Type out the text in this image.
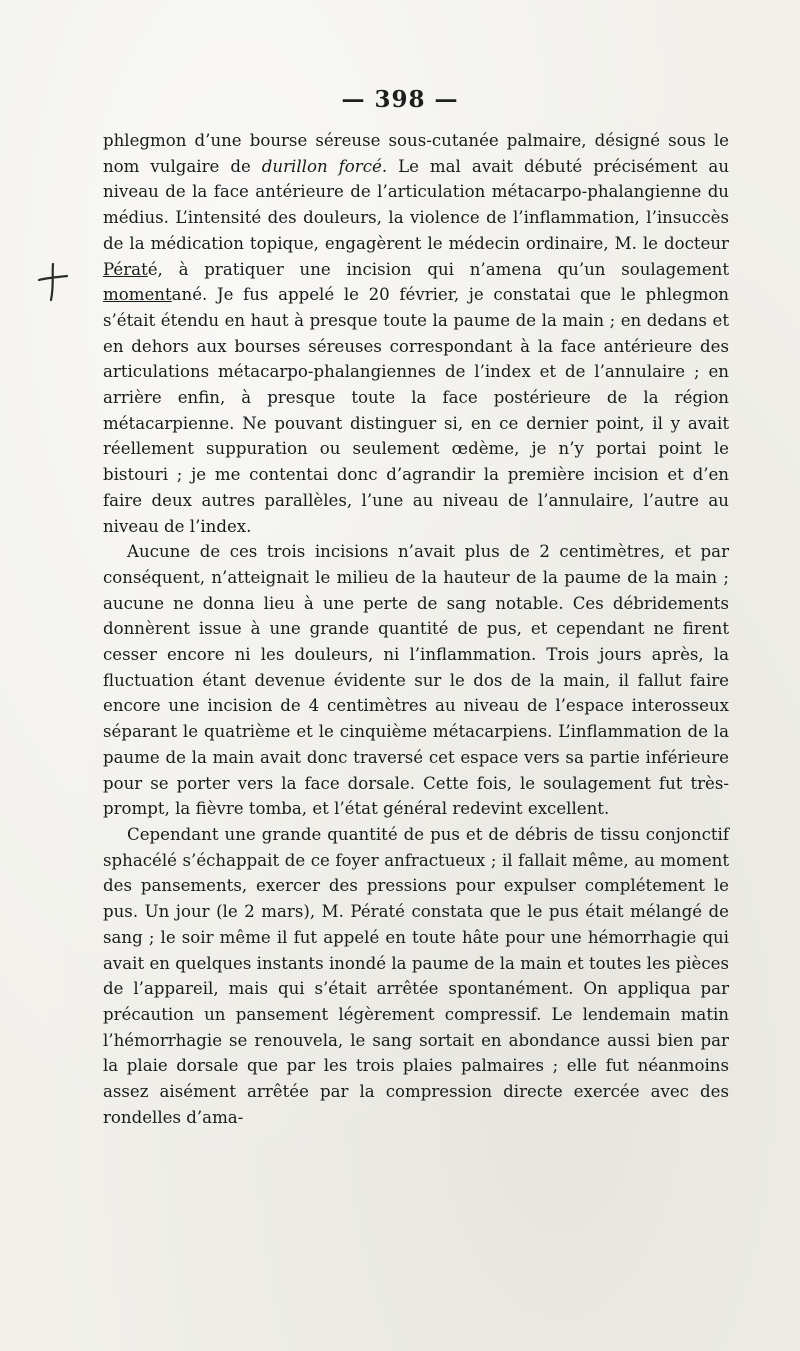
— 398 —

phlegmon d’une bourse séreuse sous-cutanée palmaire, désigné sous le nom vulgaire de durillon forcé. Le mal avait débuté précisément au niveau de la face antérieure de l’articulation métacarpo-phalangienne du médius. L’intensité des douleurs, la violence de l’inflammation, l’insuccès de la médication topique, engagèrent le médecin ordinaire, M. le docteur Pératé, à pratiquer une incision qui n’amena qu’un soulagement momentané. Je fus appelé le 20 février, je constatai que le phlegmon s’était étendu en haut à presque toute la paume de la main ; en dedans et en dehors aux bourses séreuses correspondant à la face antérieure des articulations métacarpo-phalangiennes de l’index et de l’annulaire ; en arrière enfin, à presque toute la face postérieure de la région métacarpienne. Ne pouvant distinguer si, en ce dernier point, il y avait réellement suppuration ou seulement œdème, je n’y portai point le bistouri ; je me contentai donc d’agrandir la première incision et d’en faire deux autres parallèles, l’une au niveau de l’annulaire, l’autre au niveau de l’index.

Aucune de ces trois incisions n’avait plus de 2 centimètres, et par conséquent, n’atteignait le milieu de la hauteur de la paume de la main ; aucune ne donna lieu à une perte de sang notable. Ces débridements donnèrent issue à une grande quantité de pus, et cependant ne firent cesser encore ni les douleurs, ni l’inflammation. Trois jours après, la fluctuation étant devenue évidente sur le dos de la main, il fallut faire encore une incision de 4 centimètres au niveau de l’espace interosseux séparant le quatrième et le cinquième métacarpiens. L’inflammation de la paume de la main avait donc traversé cet espace vers sa partie inférieure pour se porter vers la face dorsale. Cette fois, le soulagement fut très-prompt, la fièvre tomba, et l’état général redevint excellent.

Cependant une grande quantité de pus et de débris de tissu conjonctif sphacélé s’échappait de ce foyer anfractueux ; il fallait même, au moment des pansements, exercer des pressions pour expulser complétement le pus. Un jour (le 2 mars), M. Pératé constata que le pus était mélangé de sang ; le soir même il fut appelé en toute hâte pour une hémorrhagie qui avait en quelques instants inondé la paume de la main et toutes les pièces de l’appareil, mais qui s’était arrêtée spontanément. On appliqua par précaution un pansement légèrement compressif. Le lendemain matin l’hémorrhagie se renouvela, le sang sortait en abondance aussi bien par la plaie dorsale que par les trois plaies palmaires ; elle fut néanmoins assez aisément arrêtée par la compression directe exercée avec des rondelles d’ama-
